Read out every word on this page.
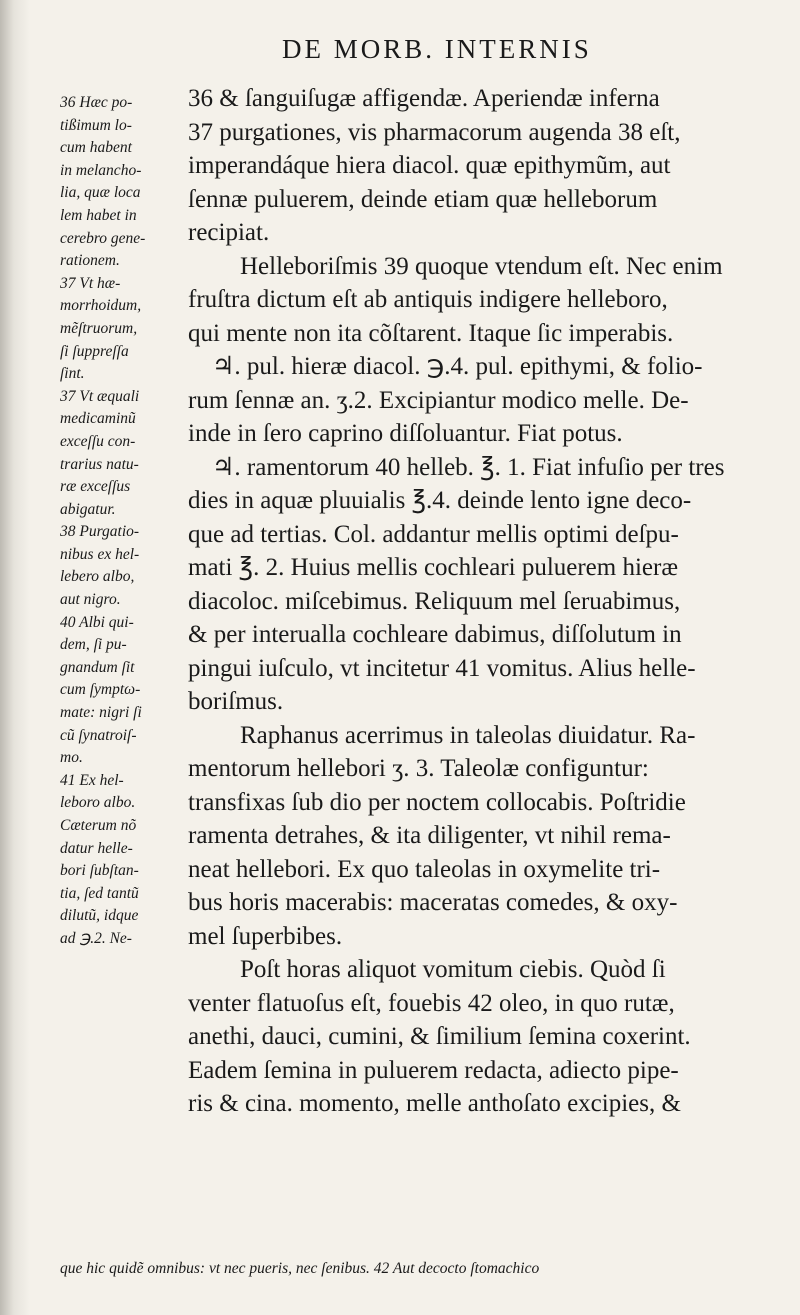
DE MORB. INTERNIS
36 Hæc po-
tißimum lo-
cum habent
in melancho-
lia, quæ loca
lem habet in
cerebro gene-
rationem.
37 Vt hæ-
morrhoidum,
mẽſtruorum,
ſi ſuppreſſa
ſint.
37 Vt æquali
medicaminũ
exceſſu con-
trarius natu-
ræ exceſſus
abigatur.
38 Purgatio-
nibus ex hel-
lebero albo,
aut nigro.
40 Albi qui-
dem, ſi pu-
gnandum ſit
cum ſymptω-
mate: nigri ſi
cũ ſynatroiſ-
mo.
41 Ex hel-
leboro albo.
Cæterum nõ
datur helle-
bori ſubſtan-
tia, ſed tantũ
dilutũ, idque
ad ℈.2. Ne-
36 & ſanguiſugæ affigendæ. Aperiendæ inferna
37 purgationes, vis pharmacorum augenda 38 eſt,
imperandáque hiera diacol. quæ epithymũm, aut
ſennæ puluerem, deinde etiam quæ helleborum
recipiat.
Helleboriſmis 39 quoque vtendum eſt. Nec enim
fruſtra dictum eſt ab antiquis indigere helleboro,
qui mente non ita cõſtarent. Itaque ſic imperabis.
♃. pul. hieræ diacol. ℈.4. pul. epithymi, & folio-
rum ſennæ an. ʒ.2. Excipiantur modico melle. De-
inde in ſero caprino diſſoluantur. Fiat potus.
♃. ramentorum 40 helleb. ℥. 1. Fiat infuſio per tres
dies in aquæ pluuialis ℥.4. deinde lento igne deco-
que ad tertias. Col. addantur mellis optimi deſpu-
mati ℥. 2. Huius mellis cochleari puluerem hieræ
diacoloc. miſcebimus. Reliquum mel ſeruabimus,
& per interualla cochleare dabimus, diſſolutum in
pingui iuſculo, vt incitetur 41 vomitus. Alius helle-
boriſmus.
Raphanus acerrimus in taleolas diuidatur. Ra-
mentorum hellebori ʒ. 3. Taleolæ configuntur:
transfixas ſub dio per noctem collocabis. Poſtridie
ramenta detrahes, & ita diligenter, vt nihil rema-
neat hellebori. Ex quo taleolas in oxymelite tri-
bus horis macerabis: maceratas comedes, & oxy-
mel ſuperbibes.
Poſt horas aliquot vomitum ciebis. Quòd ſi
venter flatuoſus eſt, fouebis 42 oleo, in quo rutæ,
anethi, dauci, cumini, & ſimilium ſemina coxerint.
Eadem ſemina in puluerem redacta, adiecto pipe-
ris & cina. momento, melle anthoſato excipies, &
que hic quidẽ omnibus: vt nec pueris, nec ſenibus. 42 Aut decocto ſtomachico
